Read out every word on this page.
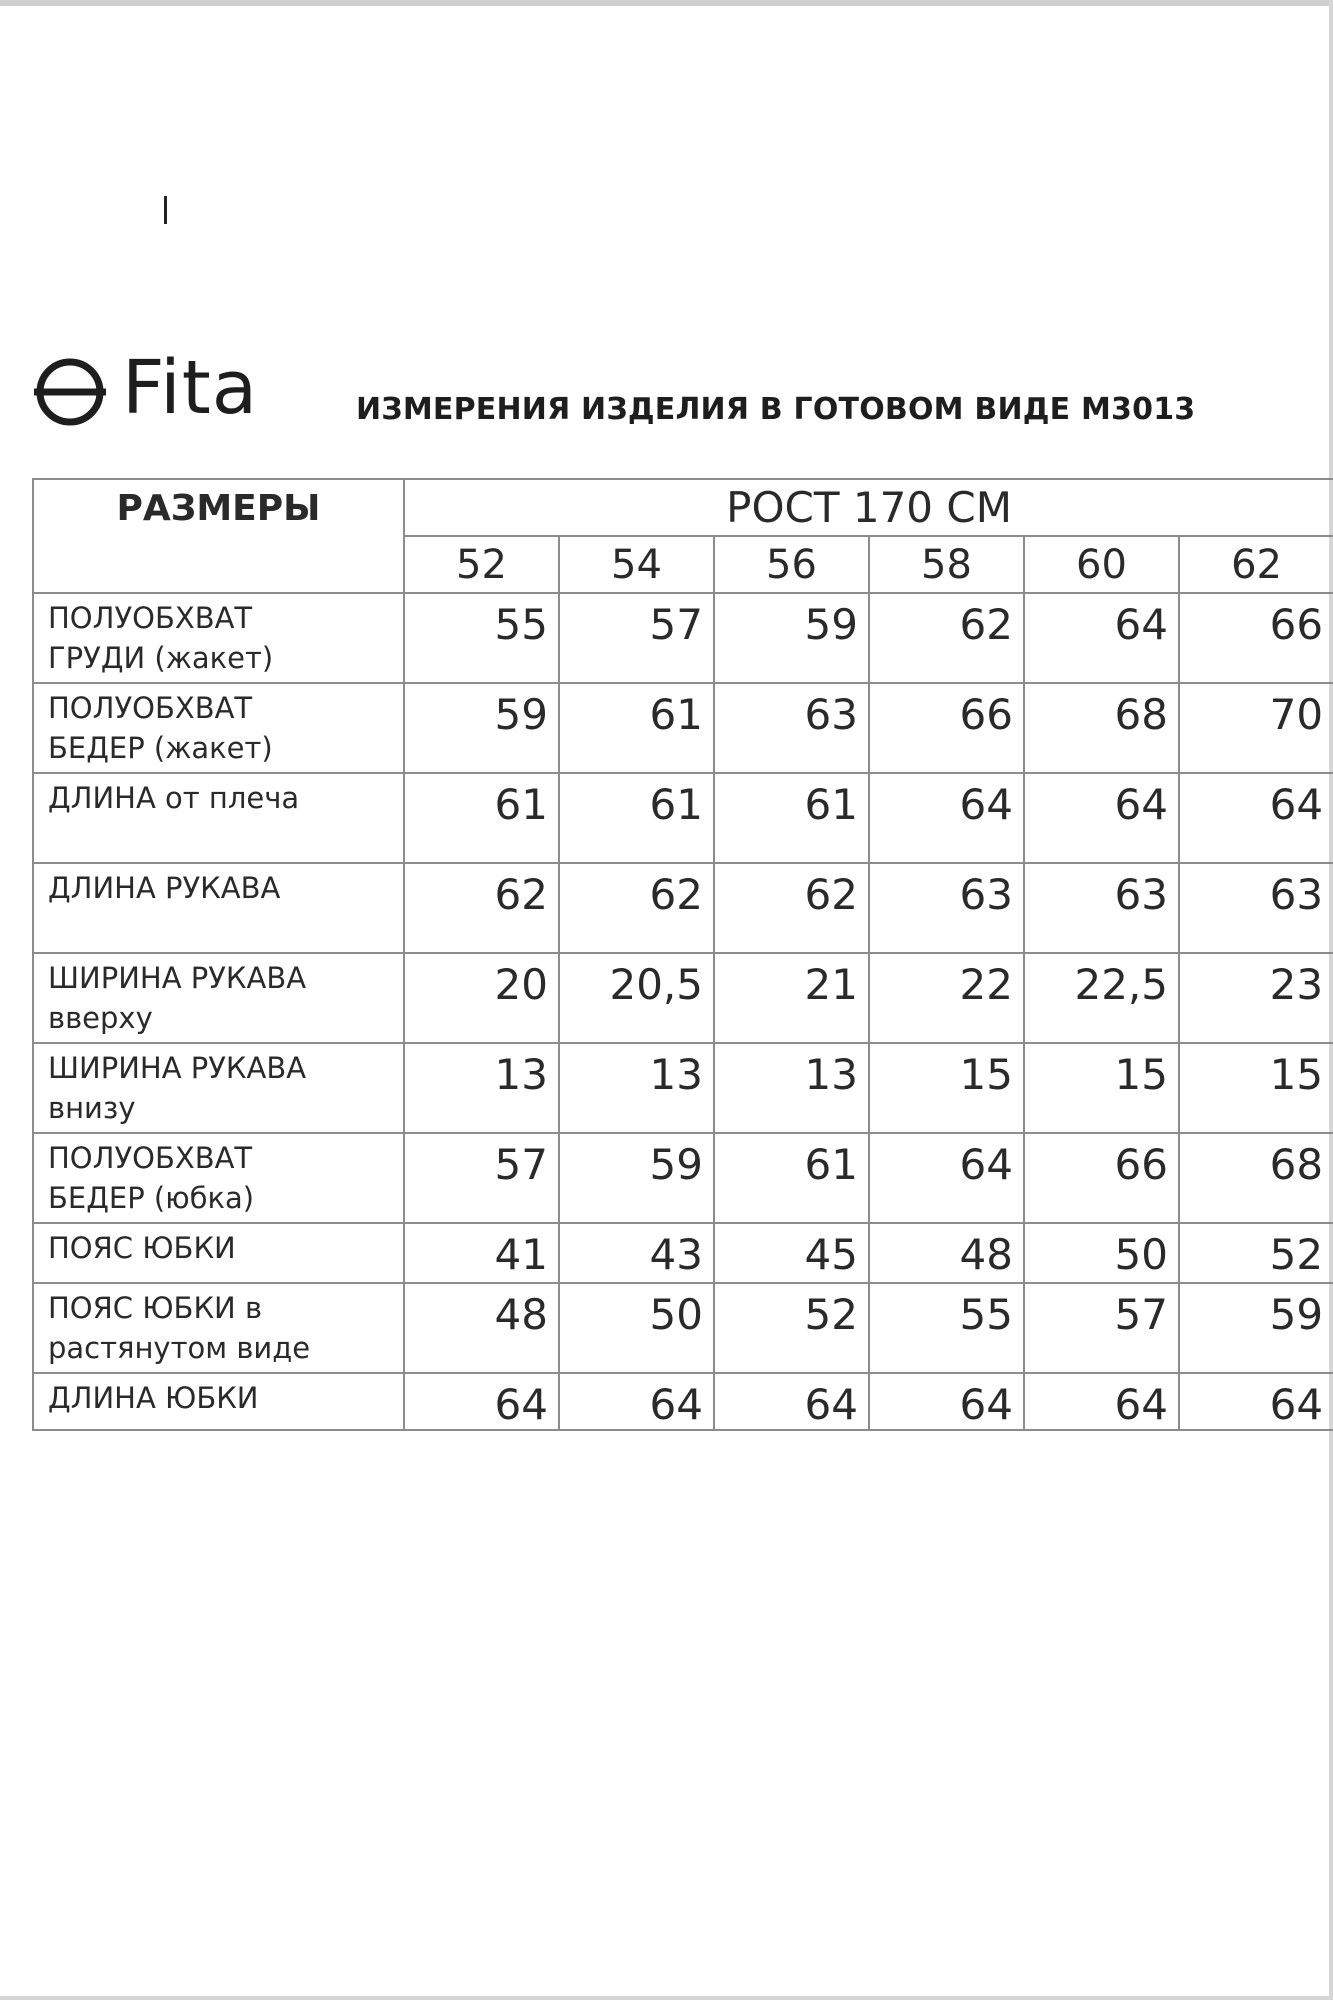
Fita	ИЗМЕРЕНИЯ ИЗДЕЛИЯ В ГОТОВОМ ВИДЕ М3013
РАЗМЕРЫ	РОСТ 170 СМ					
	52	54	56	58	60	62

ПОЛУОБХВАТ
ГРУДИ (жакет)	55	57	59	62	64	66

ПОЛУОБХВАТ
БЕДЕР (жакет)	59	61	63	66	68	70

ДЛИНА от плеча	61	61	61	64	64	64

ДЛИНА РУКАВА	62	62	62	63	63	63

ШИРИНА РУКАВА
вверху	20	20,5	21	22	22,5	23

ШИРИНА РУКАВА
внизу	13	13	13	15	15	15

ПОЛУОБХВАТ
БЕДЕР (юбка)	57	59	61	64	66	68

ПОЯС ЮБКИ	41	43	45	48	50	52

ПОЯС ЮБКИ в
растянутом виде	48	50	52	55	57	59

ДЛИНА ЮБКИ	64	64	64	64	64	64
